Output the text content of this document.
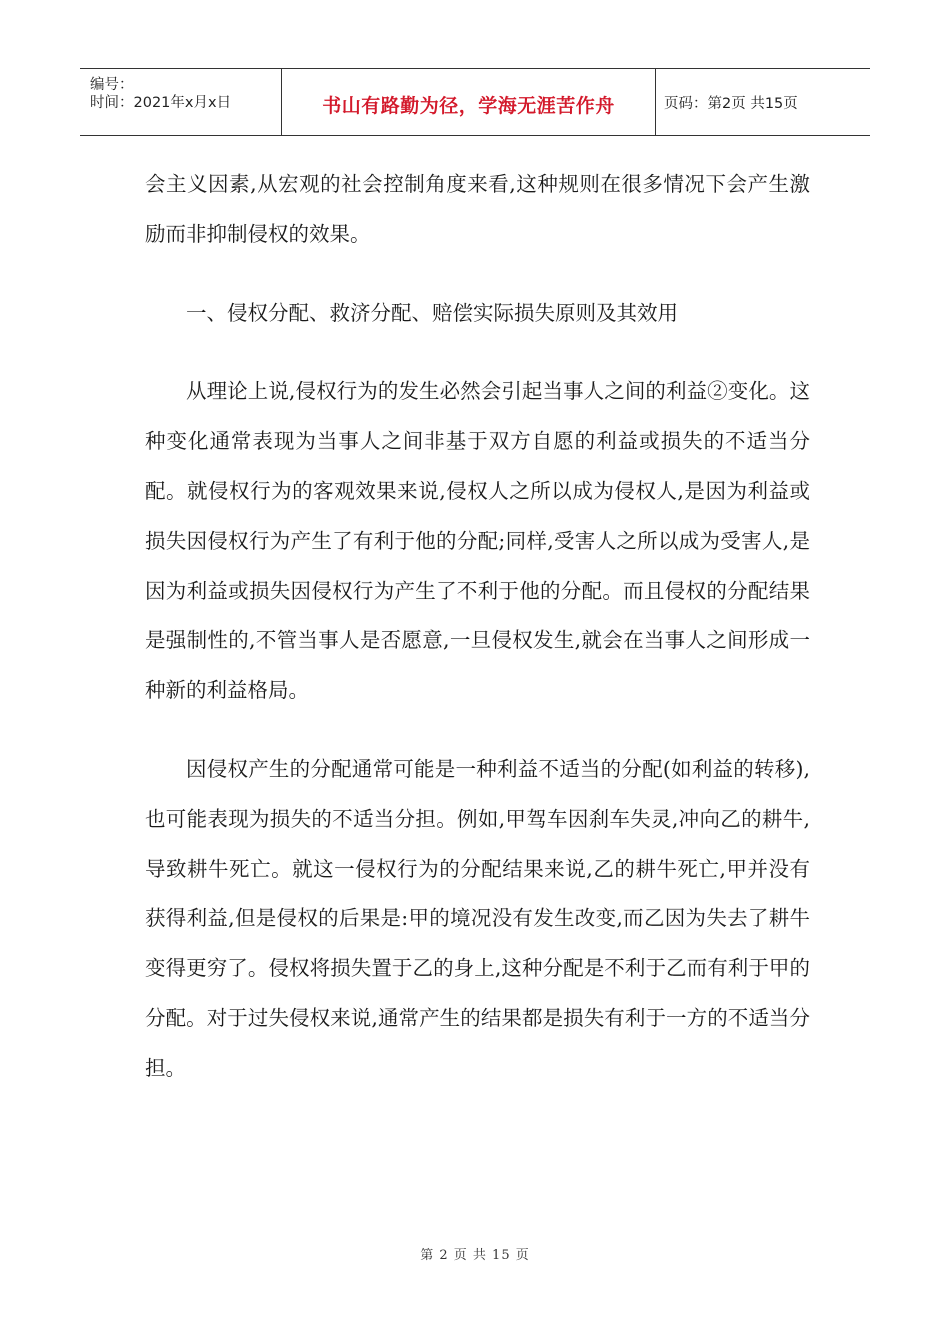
编号：
时间：2021年x月x日	书山有路勤为径，学海无涯苦作舟	页码：第2页 共15页

会主义因素,从宏观的社会控制角度来看,这种规则在很多情况下会产生激励而非抑制侵权的效果。

一、侵权分配、救济分配、赔偿实际损失原则及其效用

从理论上说,侵权行为的发生必然会引起当事人之间的利益②变化。这种变化通常表现为当事人之间非基于双方自愿的利益或损失的不适当分配。就侵权行为的客观效果来说,侵权人之所以成为侵权人,是因为利益或损失因侵权行为产生了有利于他的分配;同样,受害人之所以成为受害人,是因为利益或损失因侵权行为产生了不利于他的分配。而且侵权的分配结果是强制性的,不管当事人是否愿意,一旦侵权发生,就会在当事人之间形成一种新的利益格局。

因侵权产生的分配通常可能是一种利益不适当的分配(如利益的转移),也可能表现为损失的不适当分担。例如,甲驾车因刹车失灵,冲向乙的耕牛,导致耕牛死亡。就这一侵权行为的分配结果来说,乙的耕牛死亡,甲并没有获得利益,但是侵权的后果是:甲的境况没有发生改变,而乙因为失去了耕牛变得更穷了。侵权将损失置于乙的身上,这种分配是不利于乙而有利于甲的分配。对于过失侵权来说,通常产生的结果都是损失有利于一方的不适当分担。

第 2 页 共 15 页
